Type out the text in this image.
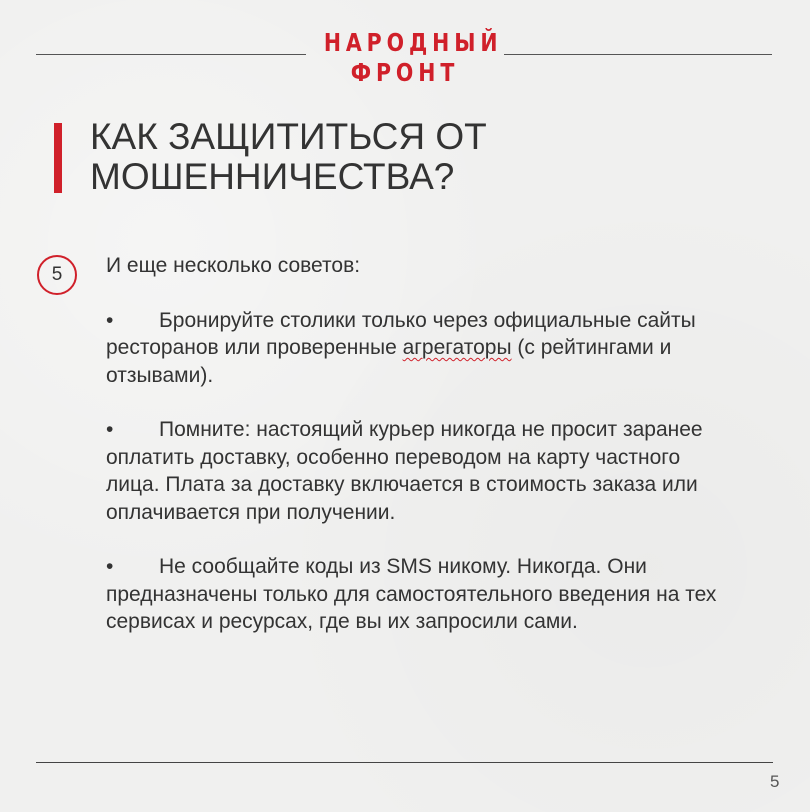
НАРОДНЫЙ
ФРОНТ
КАК ЗАЩИТИТЬСЯ ОТ
МОШЕННИЧЕСТВА?
5	И еще несколько советов:

• Бронируйте столики только через официальные сайты ресторанов или проверенные агрегаторы (с рейтингами и отзывами).

• Помните: настоящий курьер никогда не просит заранее оплатить доставку, особенно переводом на карту частного лица. Плата за доставку включается в стоимость заказа или оплачивается при получении.

• Не сообщайте коды из SMS никому. Никогда. Они предназначены только для самостоятельного введения на тех сервисах и ресурсах, где вы их запросили сами.

5
